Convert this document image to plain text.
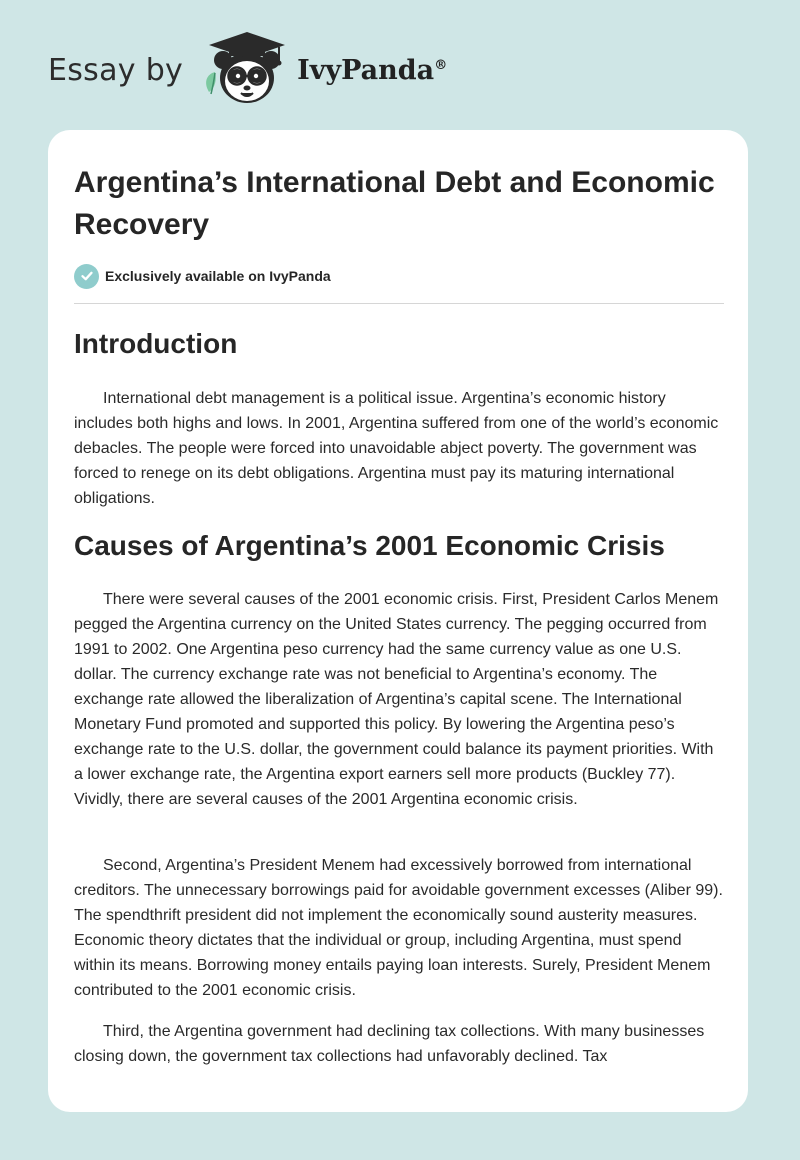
Essay by	IvyPanda®
Argentina’s International Debt and Economic Recovery
Exclusively available on IvyPanda
Introduction

International debt management is a political issue. Argentina’s economic history includes both highs and lows. In 2001, Argentina suffered from one of the world’s economic debacles. The people were forced into unavoidable abject poverty. The government was forced to renege on its debt obligations. Argentina must pay its maturing international obligations.

Causes of Argentina’s 2001 Economic Crisis

There were several causes of the 2001 economic crisis. First, President Carlos Menem pegged the Argentina currency on the United States currency. The pegging occurred from 1991 to 2002. One Argentina peso currency had the same currency value as one U.S. dollar. The currency exchange rate was not beneficial to Argentina’s economy. The exchange rate allowed the liberalization of Argentina’s capital scene. The International Monetary Fund promoted and supported this policy. By lowering the Argentina peso’s exchange rate to the U.S. dollar, the government could balance its payment priorities. With a lower exchange rate, the Argentina export earners sell more products (Buckley 77). Vividly, there are several causes of the 2001 Argentina economic crisis.

Second, Argentina’s President Menem had excessively borrowed from international creditors. The unnecessary borrowings paid for avoidable government excesses (Aliber 99). The spendthrift president did not implement the economically sound austerity measures. Economic theory dictates that the individual or group, including Argentina, must spend within its means. Borrowing money entails paying loan interests. Surely, President Menem contributed to the 2001 economic crisis.

Third, the Argentina government had declining tax collections. With many businesses closing down, the government tax collections had unfavorably declined. Tax
